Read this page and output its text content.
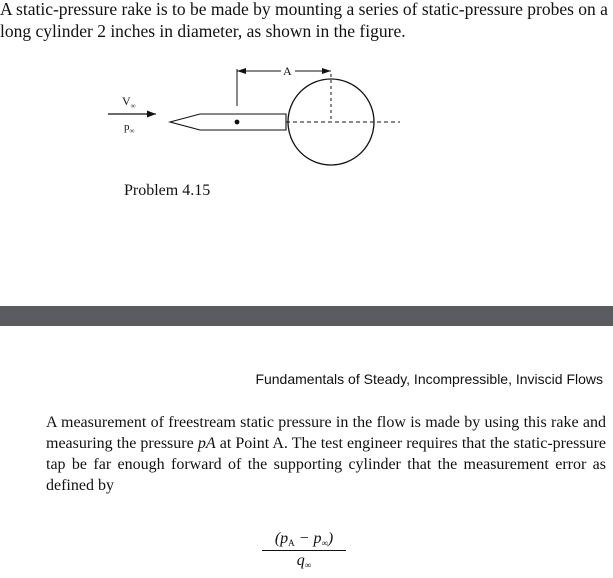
A static-pressure rake is to be made by mounting a series of static-pressure probes on a long cylinder 2 inches in diameter, as shown in the figure.
$V_\infty$
$p_\infty$
A
Problem 4.15
Fundamentals of Steady, Incompressible, Inviscid Flows
A measurement of freestream static pressure in the flow is made by using this rake and measuring the pressure pA at Point A. The test engineer requires that the static-pressure tap be far enough forward of the supporting cylinder that the measurement error as defined by
$(p_A - p_\infty)$
$q_\infty$
